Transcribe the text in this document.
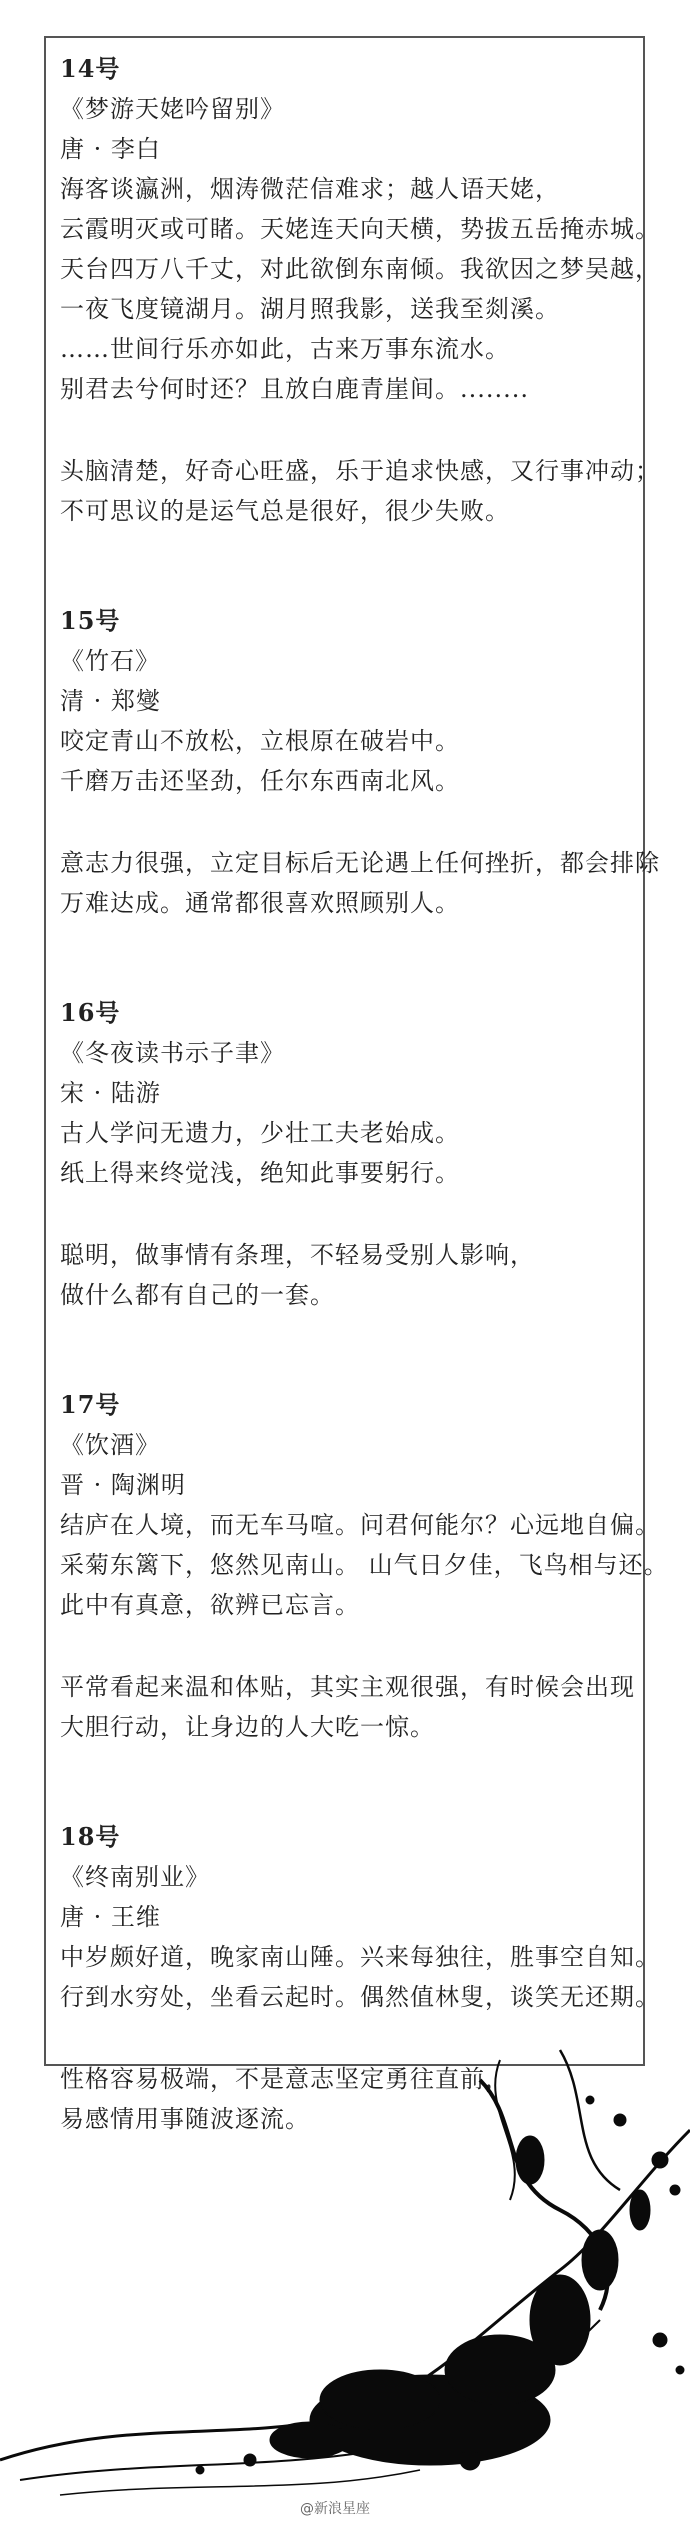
14号
《梦游天姥吟留别》
唐 · 李白
海客谈瀛洲，烟涛微茫信难求；越人语天姥，
云霞明灭或可睹。天姥连天向天横，势拔五岳掩赤城。
天台四万八千丈，对此欲倒东南倾。我欲因之梦吴越，
一夜飞度镜湖月。湖月照我影，送我至剡溪。
……世间行乐亦如此，古来万事东流水。
别君去兮何时还？且放白鹿青崖间。........
头脑清楚，好奇心旺盛，乐于追求快感，又行事冲动；
不可思议的是运气总是很好，很少失败。
15号
《竹石》
清 · 郑燮
咬定青山不放松，立根原在破岩中。
千磨万击还坚劲，任尔东西南北风。
意志力很强，立定目标后无论遇上任何挫折，都会排除
万难达成。通常都很喜欢照顾别人。
16号
《冬夜读书示子聿》
宋 · 陆游
古人学问无遗力，少壮工夫老始成。
纸上得来终觉浅，绝知此事要躬行。
聪明，做事情有条理，不轻易受别人影响，
做什么都有自己的一套。
17号
《饮酒》
晋 · 陶渊明
结庐在人境，而无车马喧。问君何能尔？心远地自偏。
采菊东篱下，悠然见南山。 山气日夕佳，飞鸟相与还。
此中有真意，欲辨已忘言。
平常看起来温和体贴，其实主观很强，有时候会出现
大胆行动，让身边的人大吃一惊。
18号
《终南别业》
唐 · 王维
中岁颇好道，晚家南山陲。兴来每独往，胜事空自知。
行到水穷处，坐看云起时。偶然值林叟，谈笑无还期。
性格容易极端，不是意志坚定勇往直前，
易感情用事随波逐流。
@新浪星座
